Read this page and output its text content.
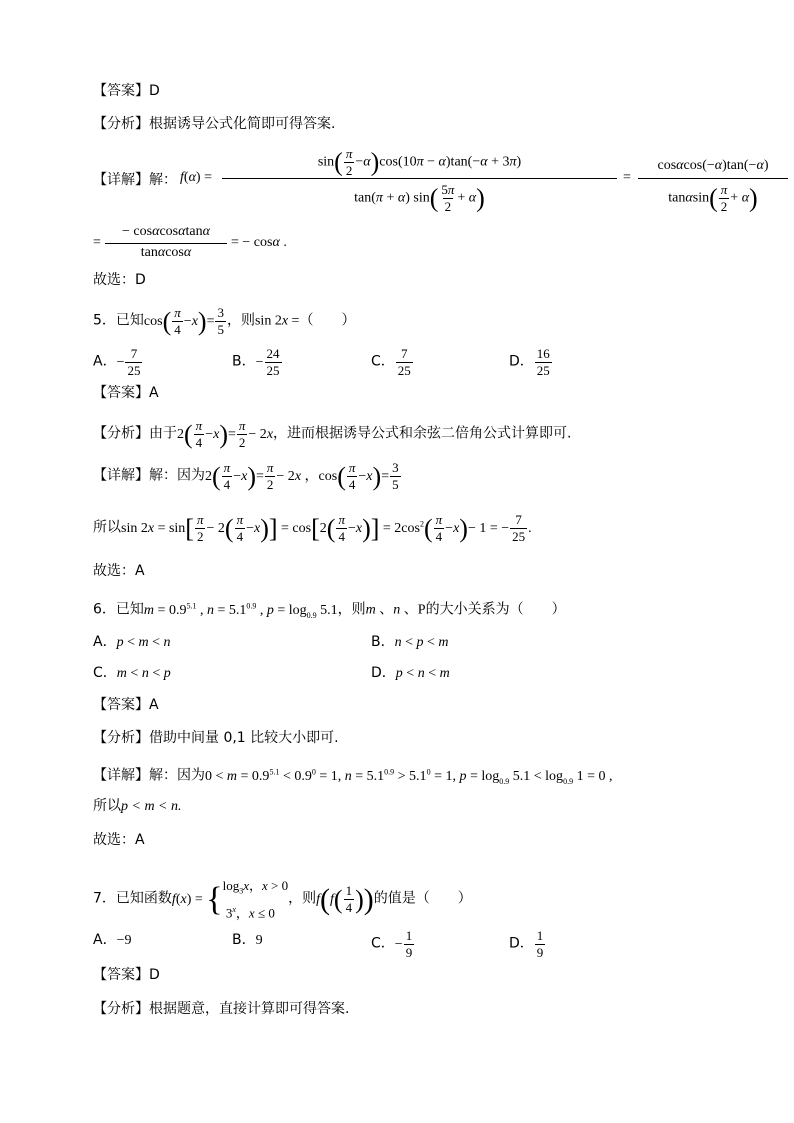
【答案】D
【分析】根据诱导公式化简即可得答案.
【详解】解： f(α) =
$\sin( \frac{\pi}{2} -\alpha)\cos(10\pi - \alpha)\tan(-\alpha + 3\pi)$
tan(π + α) $\sin( \frac{5\pi}{2} + \alpha)$
=
cosαcos(−α)tan(−α)
$\tan\alpha\sin( \frac{\pi}{2} + \alpha)$
=
− cosαcosαtanα
tanαcosα
= − cosα .
故选：D
5．已知$\cos( \frac{\pi}{4} -x)= \frac{3}{5}$ ，则sin 2x =（　　）
A．− $\frac{7}{25}$	B．− $\frac{24}{25}$	C． $\frac{7}{25}$	D． $\frac{16}{25}$
【答案】A
【分析】由于$2( \frac{\pi}{4} -x)= \frac{\pi}{2} - 2x$，进而根据诱导公式和余弦二倍角公式计算即可.
【详解】解：因为$2( \frac{\pi}{4} -x)= \frac{\pi}{2} - 2x$ ，$\cos( \frac{\pi}{4} -x)= \frac{3}{5}$
所以$\sin 2x = \sin[ \frac{\pi}{2} - 2( \frac{\pi}{4} -x)] = \cos[2( \frac{\pi}{4} -x)] = 2\cos^2( \frac{\pi}{4} -x)- 1$ = − $\frac{7}{25}$ .
故选：A
6．已知$m = 0.9^{5.1}$ , $n = 5.1^{0.9}$ , $p = \log_{0.9} 5.1$，则m 、n 、P的大小关系为（　　）
A．p < m < n	B．n < p < m
C．m < n < p	D．p < n < m
【答案】A
【分析】借助中间量 0,1 比较大小即可.
【详解】解：因为$0 < m = 0.9^{5.1} < 0.9^0 = 1$, $n = 5.1^{0.9} > 5.1^0 = 1$, $p = \log_{0.9} 5.1 < \log_{0.9} 1 = 0$ ,
所以p < m < n.
故选：A
7．已知函数f(x) = { $\log_3x$，x > 0
3$^x$，x ≤ 0
，则$f(f( \frac{1}{4}$ ))的值是（　　）
A．−9	B．9	C．− $\frac{1}{9}$	D． $\frac{1}{9}$
【答案】D
【分析】根据题意，直接计算即可得答案.
